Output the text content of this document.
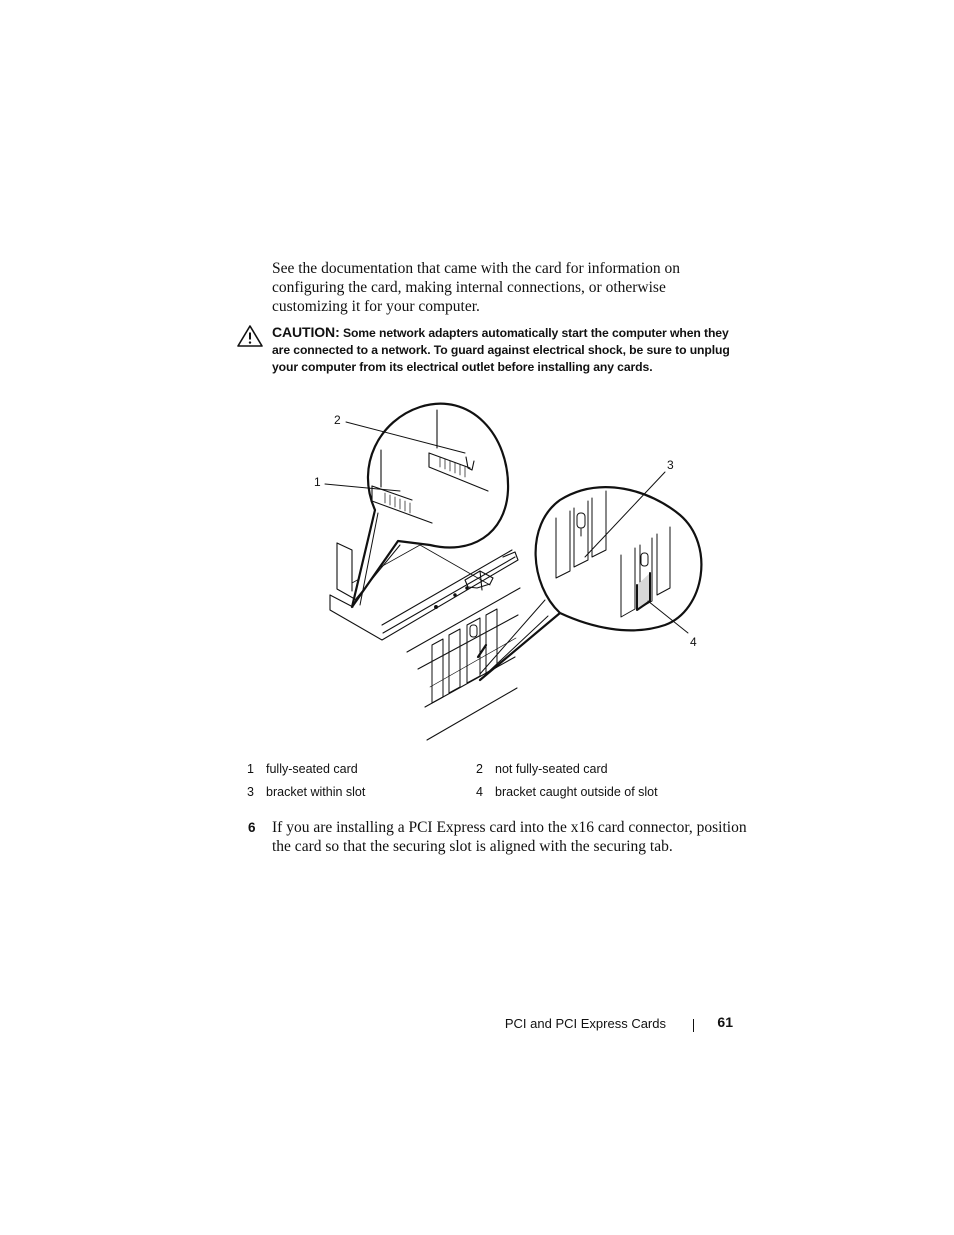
See the documentation that came with the card for information on configuring the card, making internal connections, or otherwise customizing it for your computer.

CAUTION: Some network adapters automatically start the computer when they are connected to a network. To guard against electrical shock, be sure to unplug your computer from its electrical outlet before installing any cards.
2
1
3
4
1 fully-seated card	2 not fully-seated card
3 bracket within slot	4 bracket caught outside of slot
6 If you are installing a PCI Express card into the x16 card connector, position the card so that the securing slot is aligned with the securing tab.

PCI and PCI Express Cards	61
